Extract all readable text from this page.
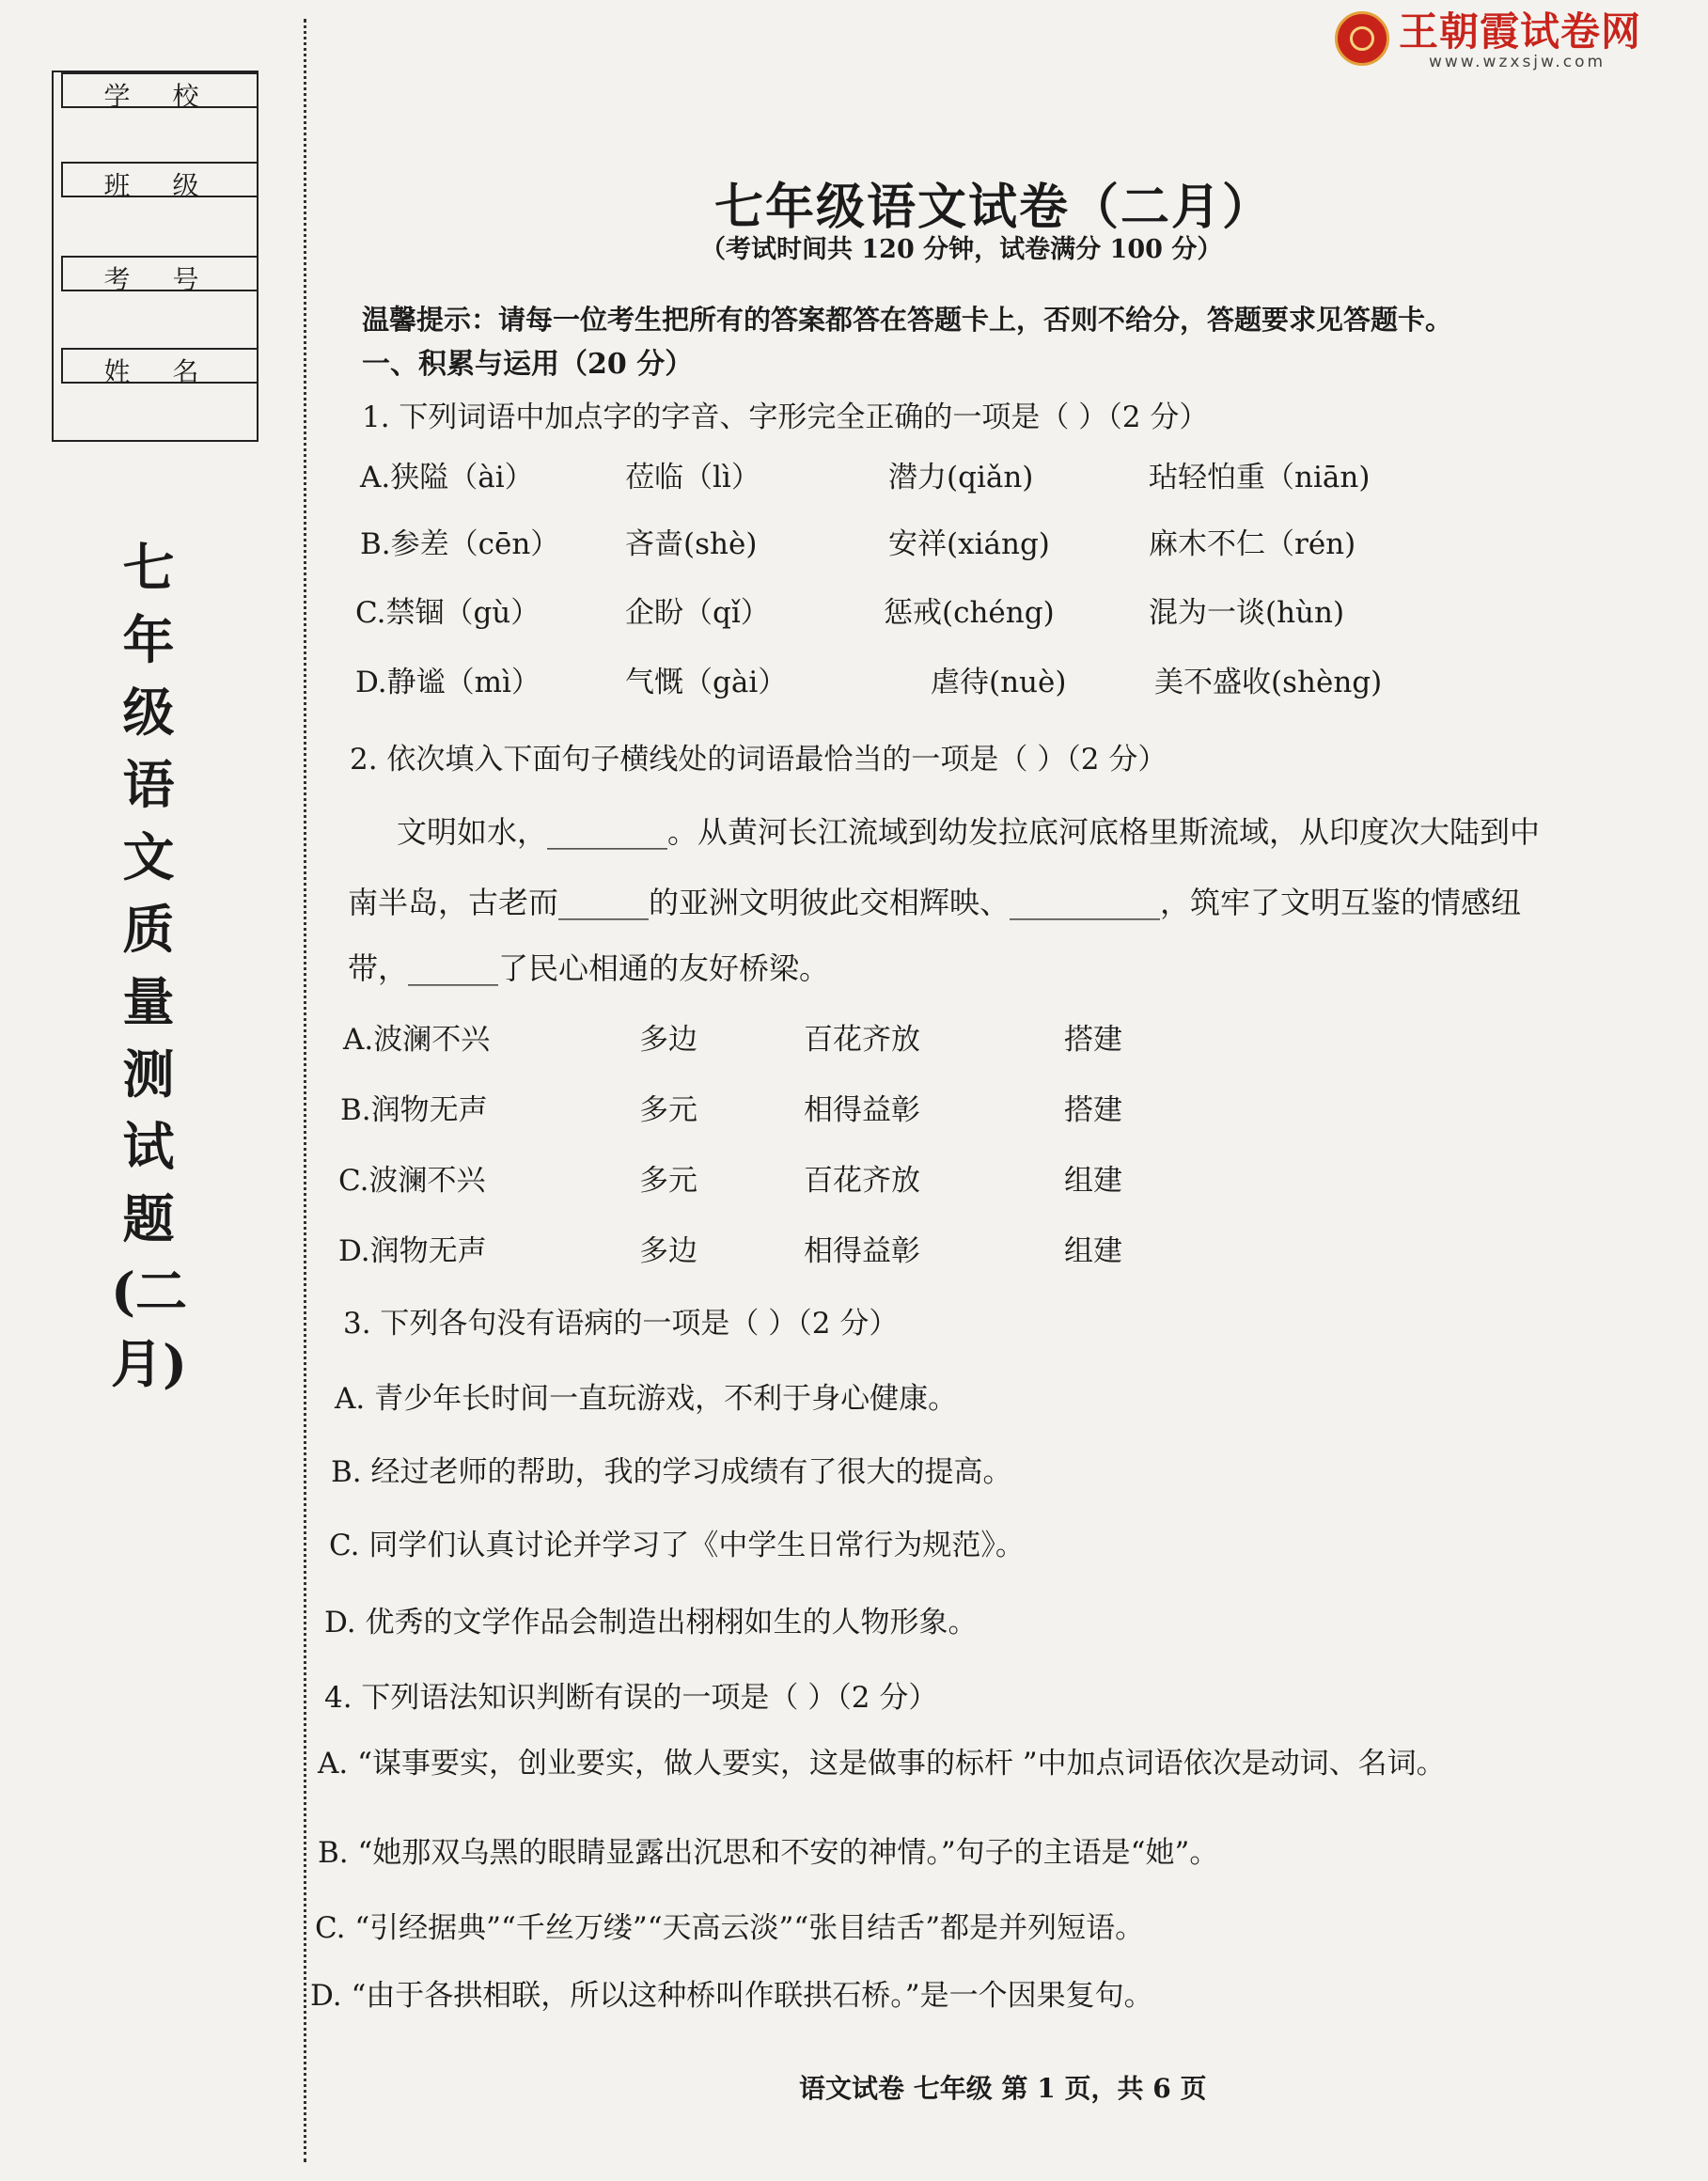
王朝霞试卷网
www.wzxsjw.com
学 校
班 级
考 号
姓 名
七
年
级
语
文
质
量
测
试
题
(二
月)
七年级语文试卷（二月）
（考试时间共 120 分钟，试卷满分 100 分）
温馨提示：请每一位考生把所有的答案都答在答题卡上，否则不给分，答题要求见答题卡。
一、积累与运用（20 分）
1. 下列词语中加点字的字音、字形完全正确的一项是（ ）（2 分）
A.狭隘（ài）	莅临（lì）	潜力(qiǎn)	玷轻怕重（niān)
B.参差（cēn） 吝啬(shè)	安祥(xiáng)	麻木不仁（rén)
C.禁锢（gù）	企盼（qǐ）	惩戒(chéng)	混为一谈(hùn)
D.静谧（mì）	气慨（gài）	虐待(nuè)	美不盛收(shèng)
2. 依次填入下面句子横线处的词语最恰当的一项是（ ）（2 分）
文明如水，________。从黄河长江流域到幼发拉底河底格里斯流域，从印度次大陆到中
南半岛，古老而______的亚洲文明彼此交相辉映、__________，筑牢了文明互鉴的情感纽
带，______了民心相通的友好桥梁。
A.波澜不兴	多边	百花齐放	搭建
B.润物无声	多元	相得益彰	搭建
C.波澜不兴	多元	百花齐放	组建
D.润物无声	多边	相得益彰	组建
3. 下列各句没有语病的一项是（ ）（2 分）
A. 青少年长时间一直玩游戏，不利于身心健康。
B. 经过老师的帮助，我的学习成绩有了很大的提高。
C. 同学们认真讨论并学习了《中学生日常行为规范》。
D. 优秀的文学作品会制造出栩栩如生的人物形象。
4. 下列语法知识判断有误的一项是（ ）（2 分）
A. “谋事要实，创业要实，做人要实，这是做事的标杆 ”中加点词语依次是动词、名词。
B. “她那双乌黑的眼睛显露出沉思和不安的神情。”句子的主语是“她”。
C. “引经据典”“千丝万缕”“天高云淡”“张目结舌”都是并列短语。
D. “由于各拱相联，所以这种桥叫作联拱石桥。”是一个因果复句。
语文试卷 七年级 第 1 页，共 6 页
